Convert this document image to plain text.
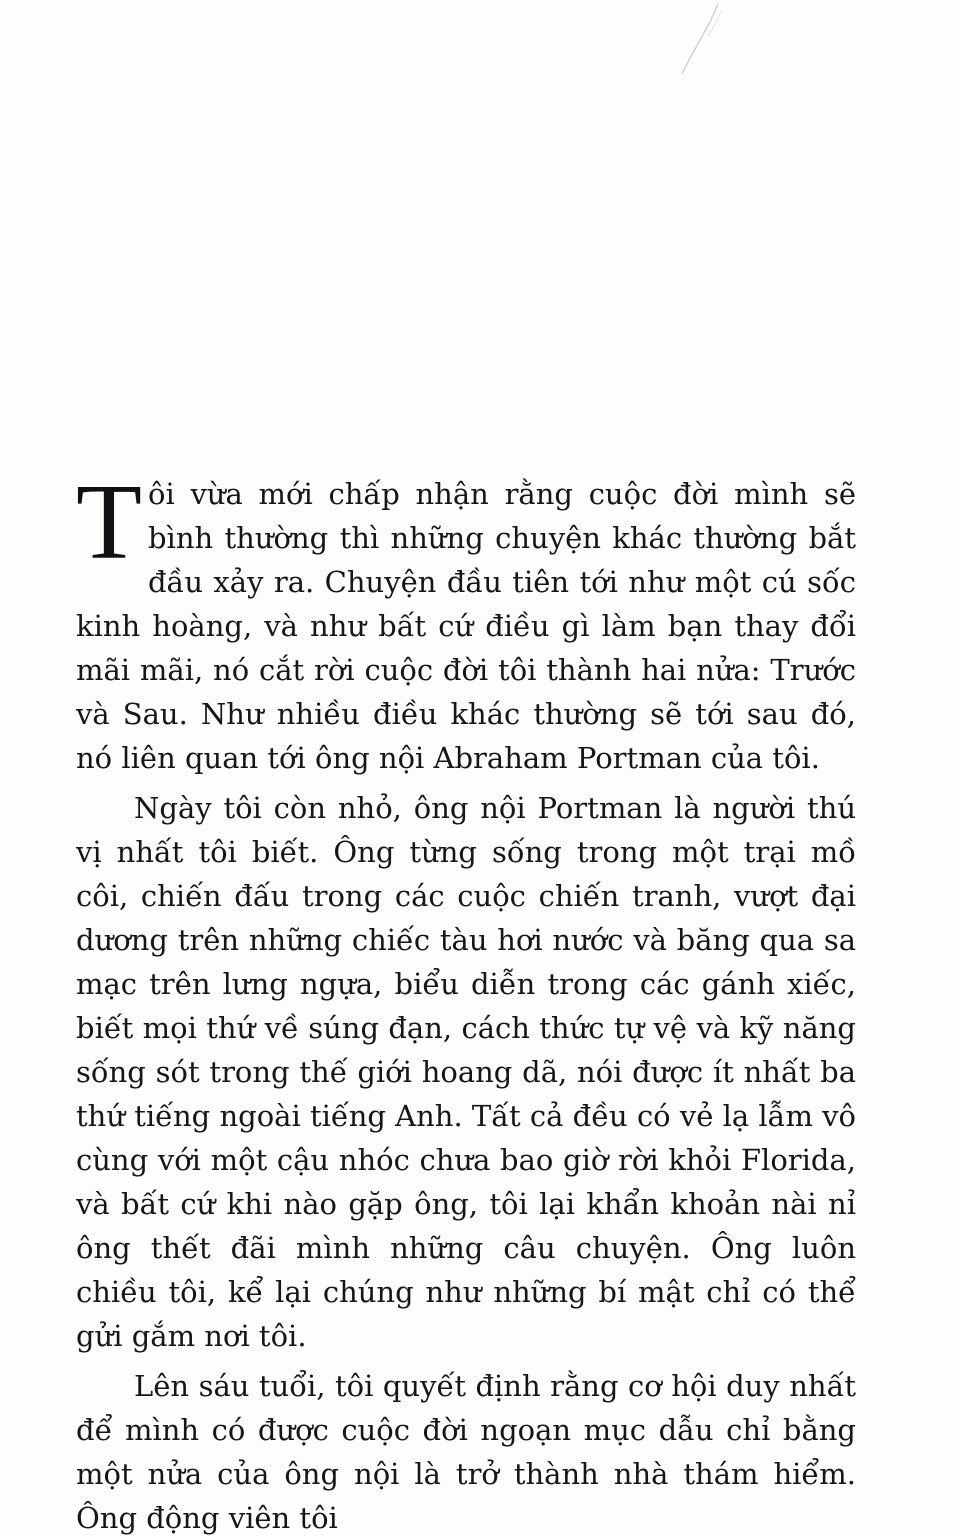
Tôi vừa mới chấp nhận rằng cuộc đời mình sẽ bình thường thì những chuyện khác thường bắt đầu xảy ra. Chuyện đầu tiên tới như một cú sốc kinh hoàng, và như bất cứ điều gì làm bạn thay đổi mãi mãi, nó cắt rời cuộc đời tôi thành hai nửa: Trước và Sau. Như nhiều điều khác thường sẽ tới sau đó, nó liên quan tới ông nội Abraham Portman của tôi.

Ngày tôi còn nhỏ, ông nội Portman là người thú vị nhất tôi biết. Ông từng sống trong một trại mồ côi, chiến đấu trong các cuộc chiến tranh, vượt đại dương trên những chiếc tàu hơi nước và băng qua sa mạc trên lưng ngựa, biểu diễn trong các gánh xiếc, biết mọi thứ về súng đạn, cách thức tự vệ và kỹ năng sống sót trong thế giới hoang dã, nói được ít nhất ba thứ tiếng ngoài tiếng Anh. Tất cả đều có vẻ lạ lẫm vô cùng với một cậu nhóc chưa bao giờ rời khỏi Florida, và bất cứ khi nào gặp ông, tôi lại khẩn khoản nài nỉ ông thết đãi mình những câu chuyện. Ông luôn chiều tôi, kể lại chúng như những bí mật chỉ có thể gửi gắm nơi tôi.

Lên sáu tuổi, tôi quyết định rằng cơ hội duy nhất để mình có được cuộc đời ngoạn mục dẫu chỉ bằng một nửa của ông nội là trở thành nhà thám hiểm. Ông động viên tôi
